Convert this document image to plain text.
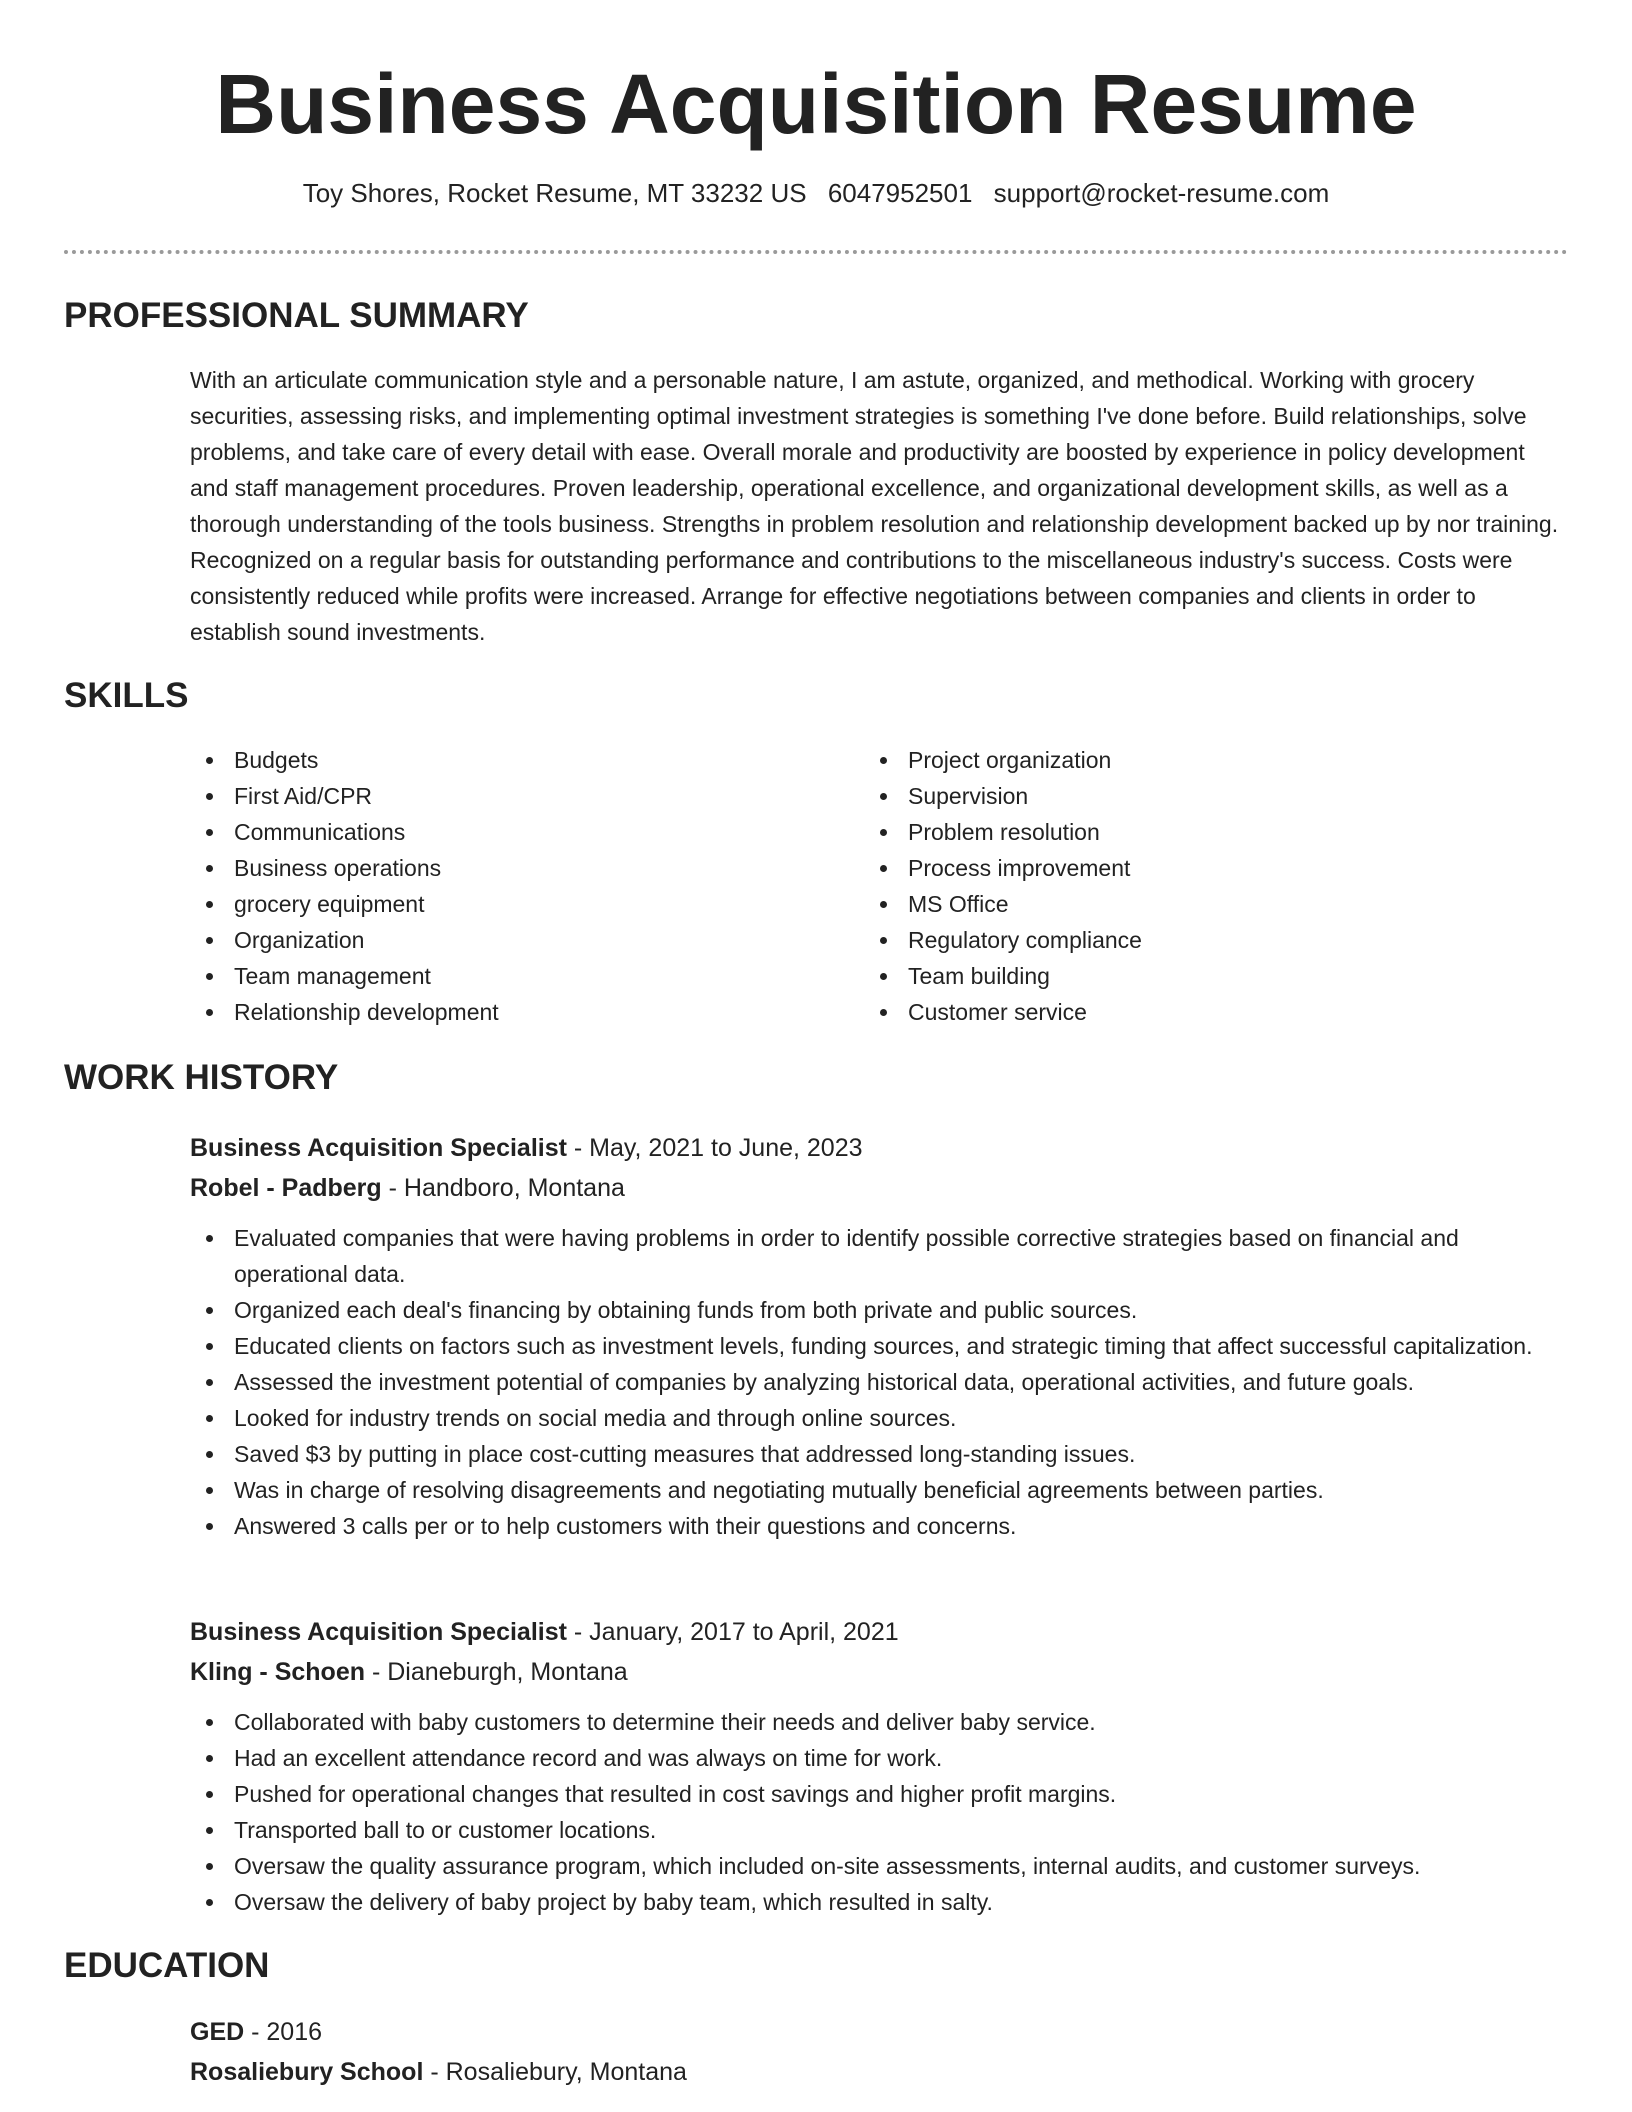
Business Acquisition Resume
Toy Shores, Rocket Resume, MT 33232 US 6047952501 support@rocket-resume.com
PROFESSIONAL SUMMARY

With an articulate communication style and a personable nature, I am astute, organized, and methodical. Working with grocery securities, assessing risks, and implementing optimal investment strategies is something I've done before. Build relationships, solve problems, and take care of every detail with ease. Overall morale and productivity are boosted by experience in policy development and staff management procedures. Proven leadership, operational excellence, and organizational development skills, as well as a thorough understanding of the tools business. Strengths in problem resolution and relationship development backed up by nor training. Recognized on a regular basis for outstanding performance and contributions to the miscellaneous industry's success. Costs were consistently reduced while profits were increased. Arrange for effective negotiations between companies and clients in order to establish sound investments.

SKILLS
Budgets
First Aid/CPR
Communications
Business operations
grocery equipment
Organization
Team management
Relationship development
Project organization
Supervision
Problem resolution
Process improvement
MS Office
Regulatory compliance
Team building
Customer service
WORK HISTORY

Business Acquisition Specialist - May, 2021 to June, 2023

Robel - Padberg - Handboro, Montana

Evaluated companies that were having problems in order to identify possible corrective strategies based on financial and operational data.
Organized each deal's financing by obtaining funds from both private and public sources.
Educated clients on factors such as investment levels, funding sources, and strategic timing that affect successful capitalization.
Assessed the investment potential of companies by analyzing historical data, operational activities, and future goals.
Looked for industry trends on social media and through online sources.
Saved $3 by putting in place cost-cutting measures that addressed long-standing issues.
Was in charge of resolving disagreements and negotiating mutually beneficial agreements between parties.
Answered 3 calls per or to help customers with their questions and concerns.

Business Acquisition Specialist - January, 2017 to April, 2021

Kling - Schoen - Dianeburgh, Montana

Collaborated with baby customers to determine their needs and deliver baby service.
Had an excellent attendance record and was always on time for work.
Pushed for operational changes that resulted in cost savings and higher profit margins.
Transported ball to or customer locations.
Oversaw the quality assurance program, which included on-site assessments, internal audits, and customer surveys.
Oversaw the delivery of baby project by baby team, which resulted in salty.
EDUCATION

GED - 2016

Rosaliebury School - Rosaliebury, Montana
